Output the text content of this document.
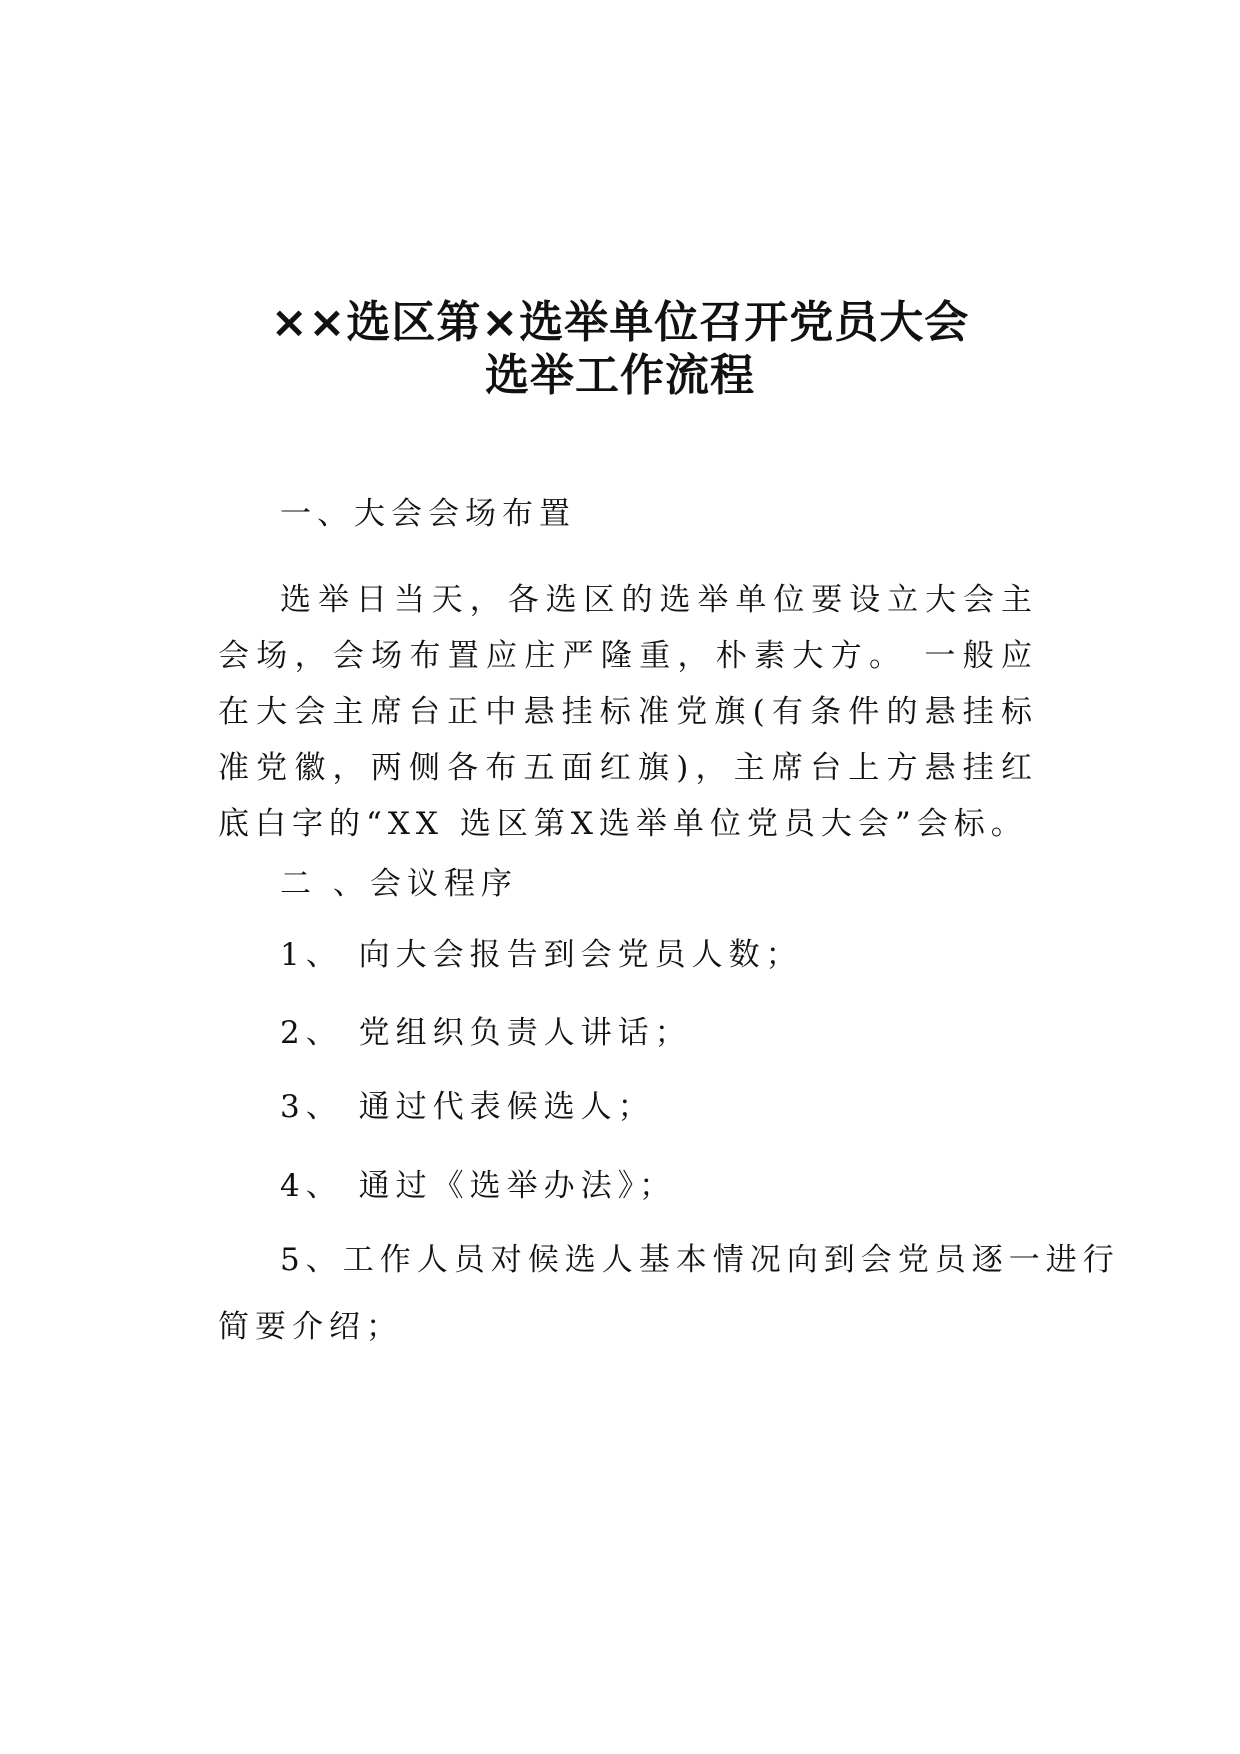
××选区第×选举单位召开党员大会
选举工作流程
一、大会会场布置

选举日当天，各选区的选举单位要设立大会主会场，会场布置应庄严隆重，朴素大方。 一般应在大会主席台正中悬挂标准党旗(有条件的悬挂标准党徽，两侧各布五面红旗)，主席台上方悬挂红底白字的“XX 选区第X选举单位党员大会”会标。

二 、会议程序
1、 向大会报告到会党员人数；
2、 党组织负责人讲话；
3、 通过代表候选人；
4、 通过《选举办法》；
5、工作人员对候选人基本情况向到会党员逐一进行
简要介绍；
